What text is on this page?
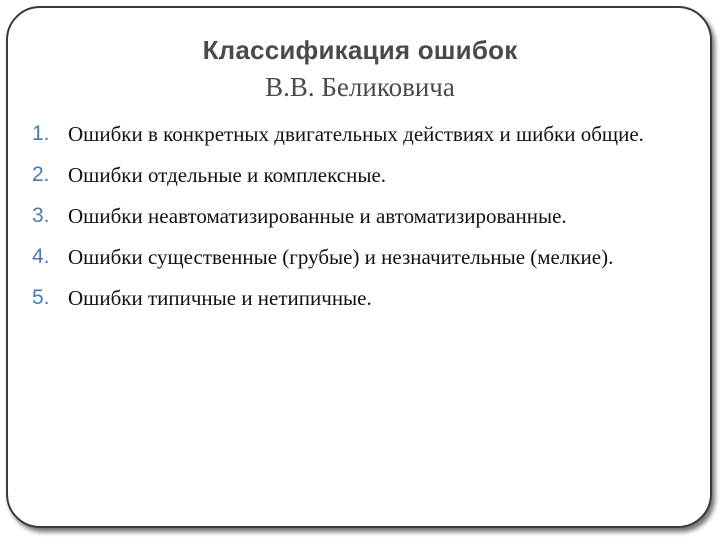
Классификация ошибок
В.В. Беликовича
1. Ошибки в конкретных двигательных действиях и шибки общие.
2. Ошибки отдельные и комплексные.
3. Ошибки неавтоматизированные и автоматизированные.
4. Ошибки существенные (грубые) и незначительные (мелкие).
5. Ошибки типичные и нетипичные.
